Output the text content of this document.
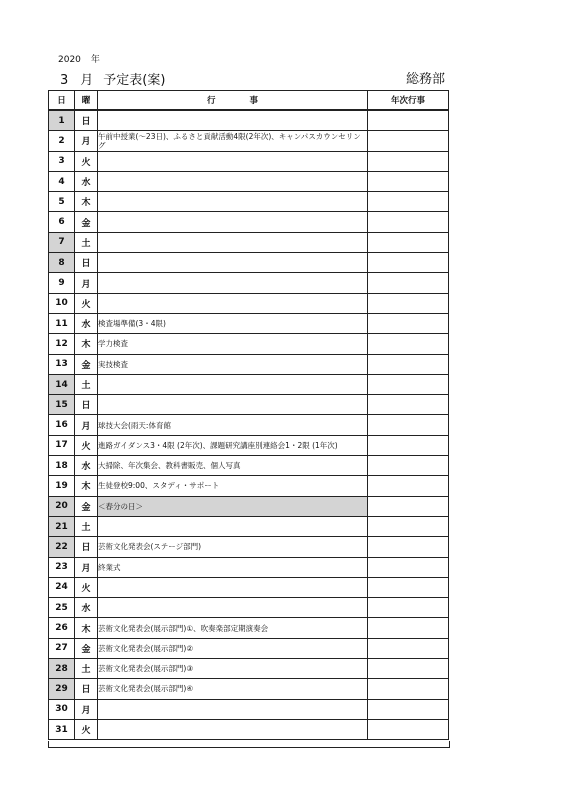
2020 年
3 月 予定表(案)	総務部
日	曜	行　　　　事	年次行事
1	日		
2	月	午前中授業(～23日)、ふるさと貢献活動4限(2年次)、キャンパスカウンセリング	
3	火		
4	水		
5	木		
6	金		
7	土		
8	日		
9	月		
10	火		
11	水	検査場準備(3・4限)	
12	木	学力検査	
13	金	実技検査	
14	土		
15	日		
16	月	球技大会(雨天:体育館	
17	火	進路ガイダンス3・4限 (2年次)、課題研究講座別連絡会1・2限 (1年次)	
18	水	大掃除、年次集会、教科書販売、個人写真	
19	木	生徒登校9:00、スタディ・サポート	
20	金	＜春分の日＞	
21	土		
22	日	芸術文化発表会(ステージ部門)	
23	月	終業式	
24	火		
25	水		
26	木	芸術文化発表会(展示部門)①、吹奏楽部定期演奏会	
27	金	芸術文化発表会(展示部門)②	
28	土	芸術文化発表会(展示部門)③	
29	日	芸術文化発表会(展示部門)④	
30	月		
31	火		
